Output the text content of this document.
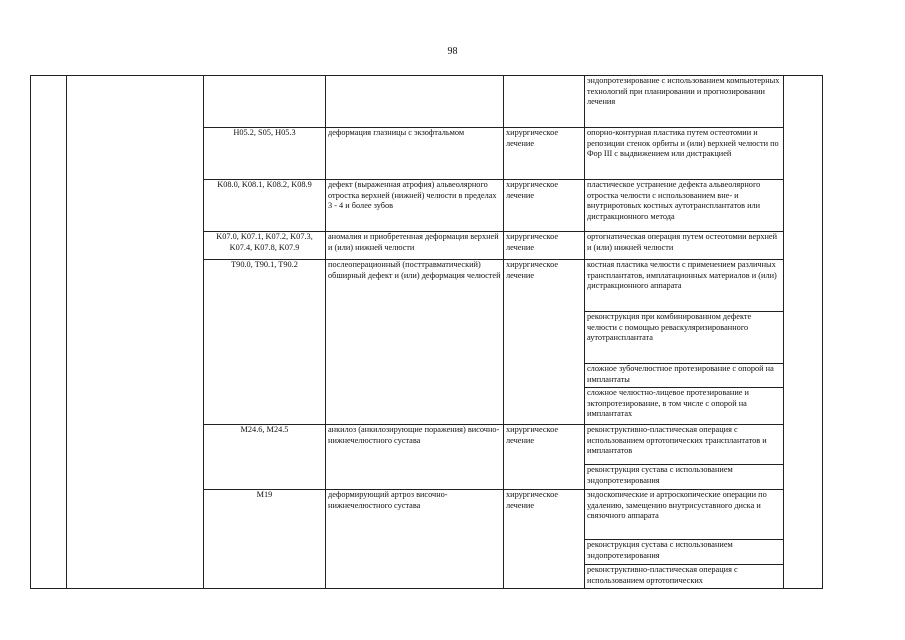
98
					эндопротезирование с использованием компьютерных технологий при планировании и прогнозировании лечения	
		H05.2, S05, H05.3	деформация глазницы с экзофтальмом	хирургическое лечение	опорно-контурная пластика путем остеотомии и репозиции стенок орбиты и (или) верхней челюсти по Фор III с выдвижением или дистракцией	
		K08.0, K08.1, K08.2, K08.9	дефект (выраженная атрофия) альвеолярного отростка верхней (нижней) челюсти в пределах 3 - 4 и более зубов	хирургическое лечение	пластическое устранение дефекта альвеолярного отростка челюсти с использованием вне- и внутриротовых костных аутотрансплантатов или дистракционного метода	
		K07.0, K07.1, K07.2, K07.3, K07.4, K07.8, K07.9	аномалия и приобретенная деформация верхней и (или) нижней челюсти	хирургическое лечение	ортогнатическая операция путем остеотомии верхней и (или) нижней челюсти	
		T90.0, T90.1, T90.2	послеоперационный (посттравматический) обширный дефект и (или) деформация челюстей	хирургическое лечение	костная пластика челюсти с применением различных трансплантатов, имплатационных материалов и (или) дистракционного аппарата	
					реконструкция при комбинированном дефекте челюсти с помощью реваскуляризированного аутотрансплантата	
					сложное зубочелюстное протезирование с опорой на имплантаты	
					сложное челюстно-лицевое протезирование и эктопротезирование, в том числе с опорой на имплантатах	
		M24.6, M24.5	анкилоз (анкилозирующие поражения) височно-нижнечелюстного сустава	хирургическое лечение	реконструктивно-пластическая операция с использованием ортотопических трансплантатов и имплантатов	
					реконструкция сустава с использованием эндопротезирования	
		M19	деформирующий артроз височно-нижнечелюстного сустава	хирургическое лечение	эндоскопические и артроскопические операции по удалению, замещению внутрисуставного диска и связочного аппарата	
					реконструкция сустава с использованием эндопротезирования	
					реконструктивно-пластическая операция с использованием ортотопических	
